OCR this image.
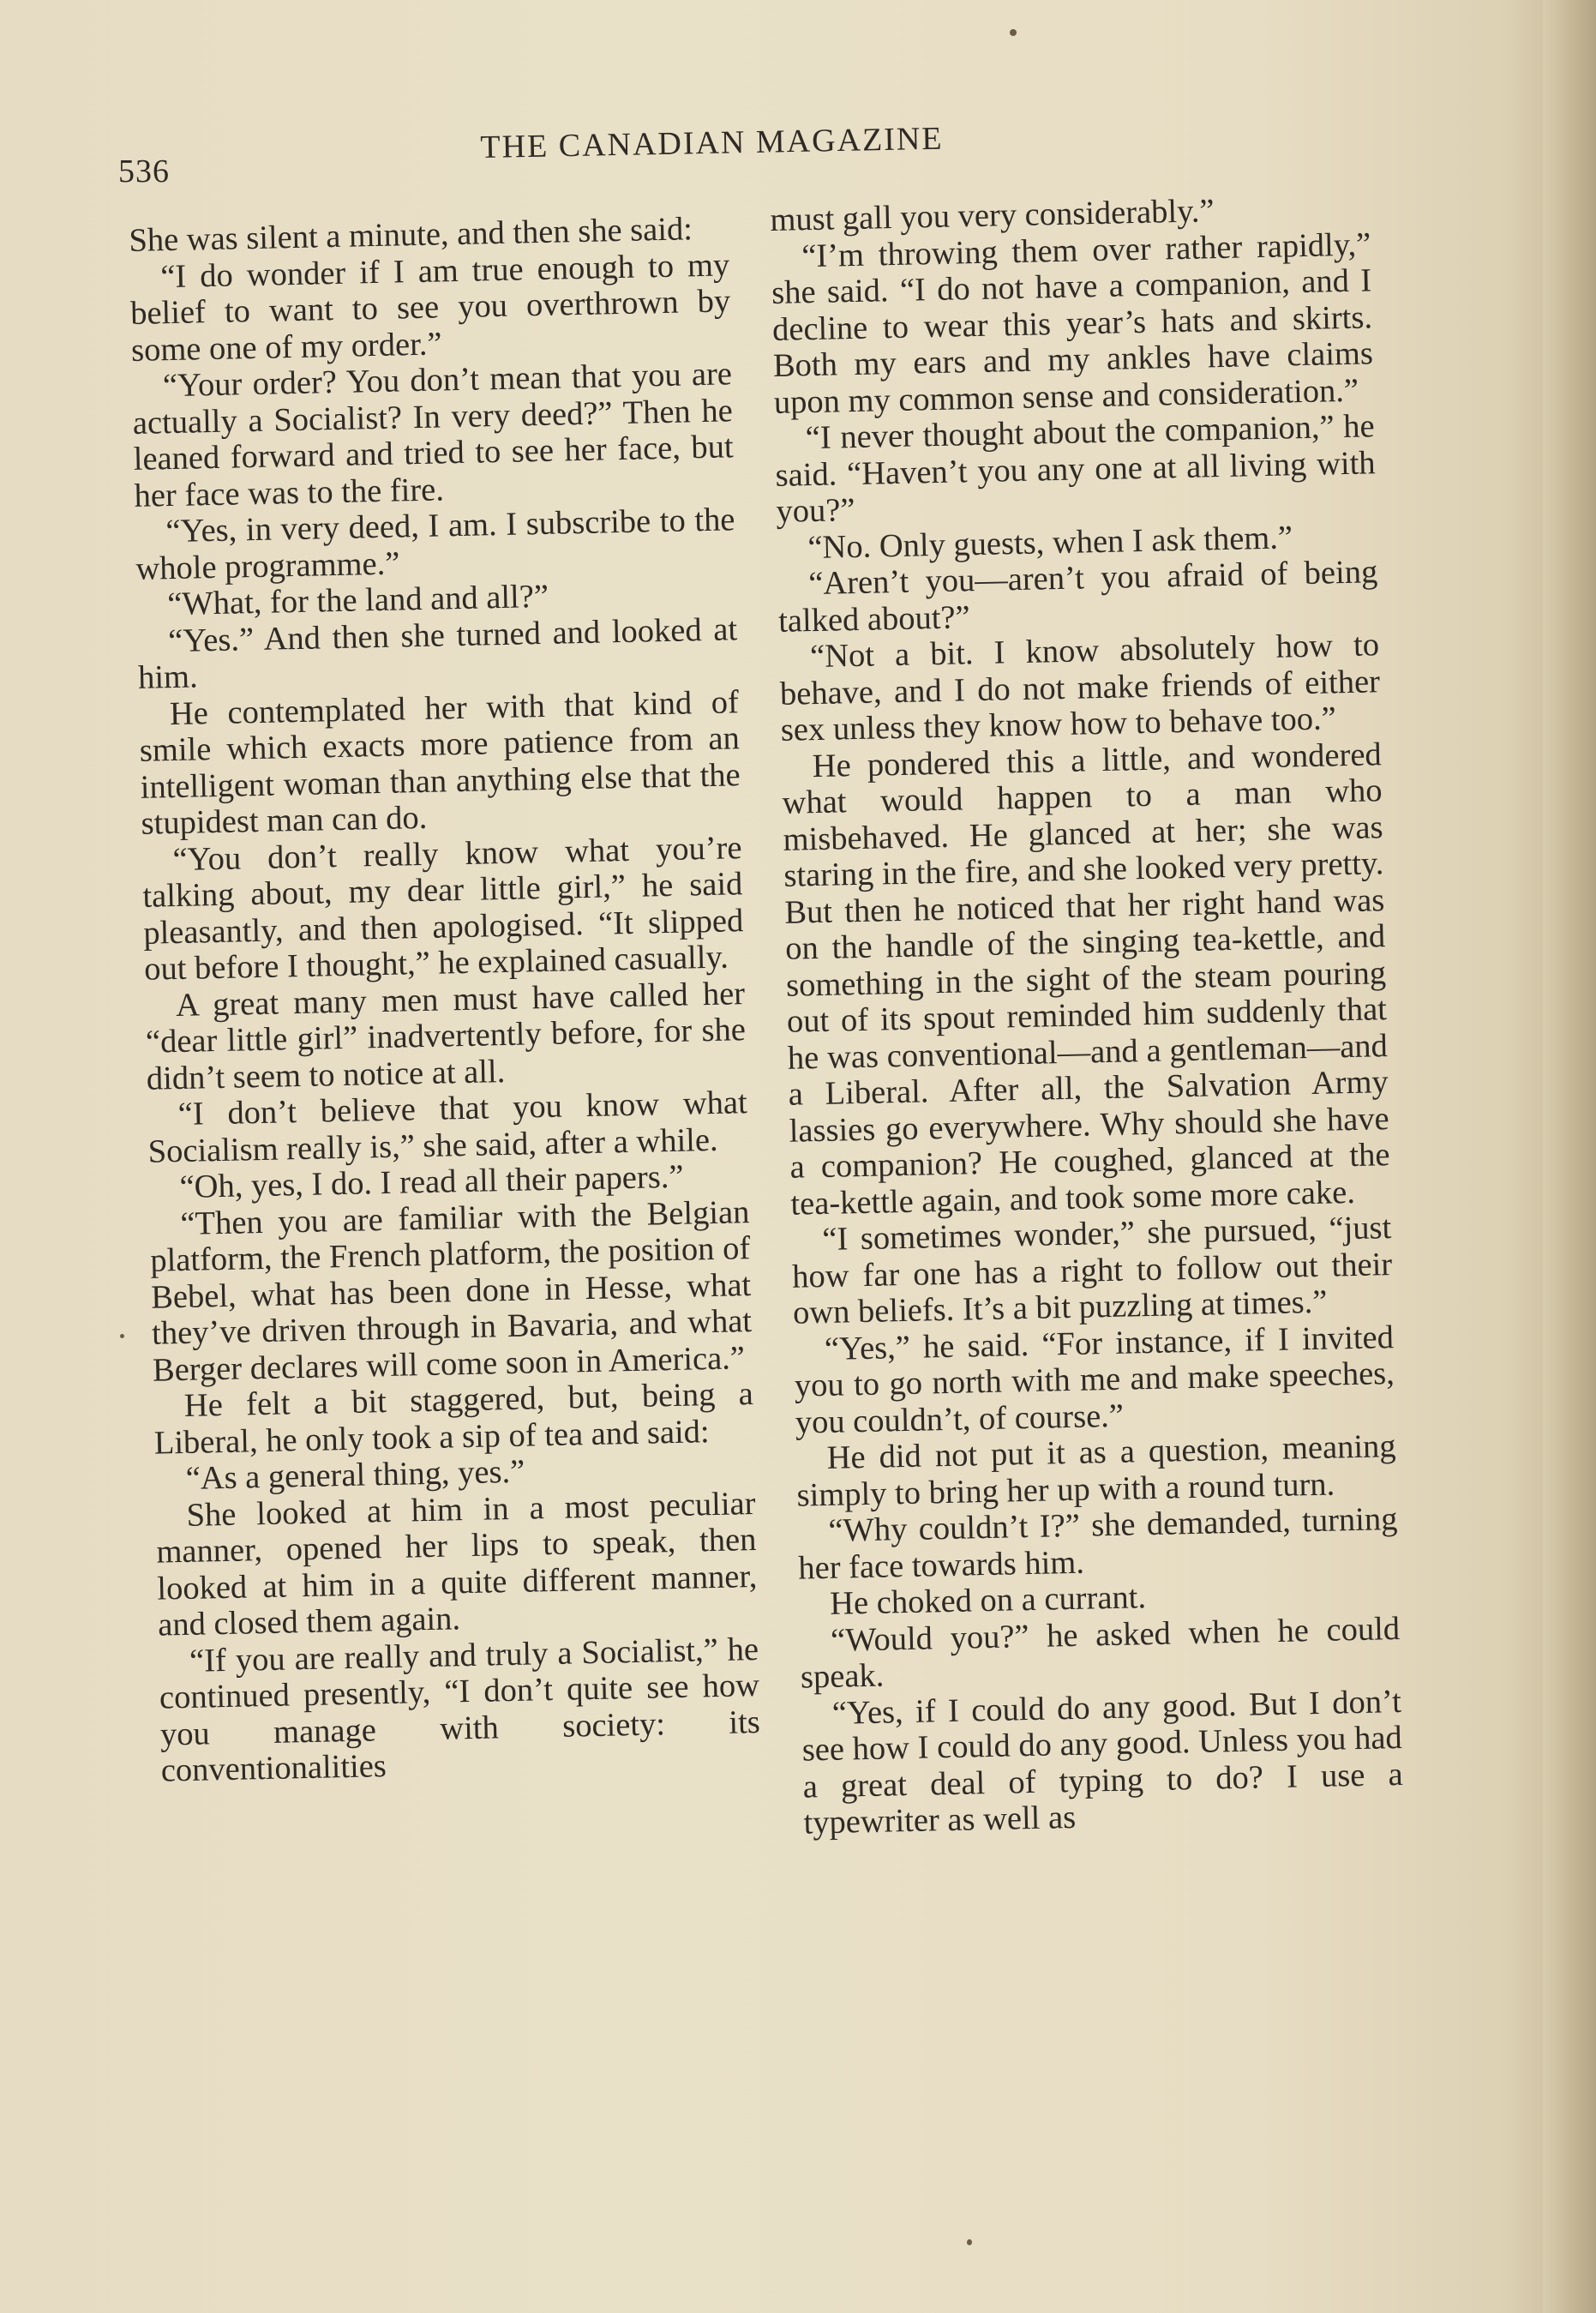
536
THE CANADIAN MAGAZINE

She was silent a minute, and then she said:

“I do wonder if I am true enough to my belief to want to see you overthrown by some one of my order.”

“Your order? You don’t mean that you are actually a Socialist? In very deed?” Then he leaned forward and tried to see her face, but her face was to the fire.

“Yes, in very deed, I am. I subscribe to the whole programme.”

“What, for the land and all?”

“Yes.” And then she turned and looked at him.

He contemplated her with that kind of smile which exacts more patience from an intelligent woman than anything else that the stupidest man can do.

“You don’t really know what you’re talking about, my dear little girl,” he said pleasantly, and then apologised. “It slipped out before I thought,” he explained casually.

A great many men must have called her “dear little girl” inadvertently before, for she didn’t seem to notice at all.

“I don’t believe that you know what Socialism really is,” she said, after a while.

“Oh, yes, I do. I read all their papers.”

“Then you are familiar with the Belgian platform, the French platform, the position of Bebel, what has been done in Hesse, what they’ve driven through in Bavaria, and what Berger declares will come soon in America.”

He felt a bit staggered, but, being a Liberal, he only took a sip of tea and said:

“As a general thing, yes.”

She looked at him in a most peculiar manner, opened her lips to speak, then looked at him in a quite different manner, and closed them again.

“If you are really and truly a Socialist,” he continued presently, “I don’t quite see how you manage with society: its conventionalities

must gall you very considerably.”

“I’m throwing them over rather rapidly,” she said. “I do not have a companion, and I decline to wear this year’s hats and skirts. Both my ears and my ankles have claims upon my common sense and consideration.”

“I never thought about the companion,” he said. “Haven’t you any one at all living with you?”

“No. Only guests, when I ask them.”

“Aren’t you—aren’t you afraid of being talked about?”

“Not a bit. I know absolutely how to behave, and I do not make friends of either sex unless they know how to behave too.”

He pondered this a little, and wondered what would happen to a man who misbehaved. He glanced at her; she was staring in the fire, and she looked very pretty. But then he noticed that her right hand was on the handle of the singing tea-kettle, and something in the sight of the steam pouring out of its spout reminded him suddenly that he was conventional—and a gentleman—and a Liberal. After all, the Salvation Army lassies go everywhere. Why should she have a companion? He coughed, glanced at the tea-kettle again, and took some more cake.

“I sometimes wonder,” she pursued, “just how far one has a right to follow out their own beliefs. It’s a bit puzzling at times.”

“Yes,” he said. “For instance, if I invited you to go north with me and make speeches, you couldn’t, of course.”

He did not put it as a question, meaning simply to bring her up with a round turn.

“Why couldn’t I?” she demanded, turning her face towards him.

He choked on a currant.

“Would you?” he asked when he could speak.

“Yes, if I could do any good. But I don’t see how I could do any good. Unless you had a great deal of typing to do? I use a typewriter as well as
